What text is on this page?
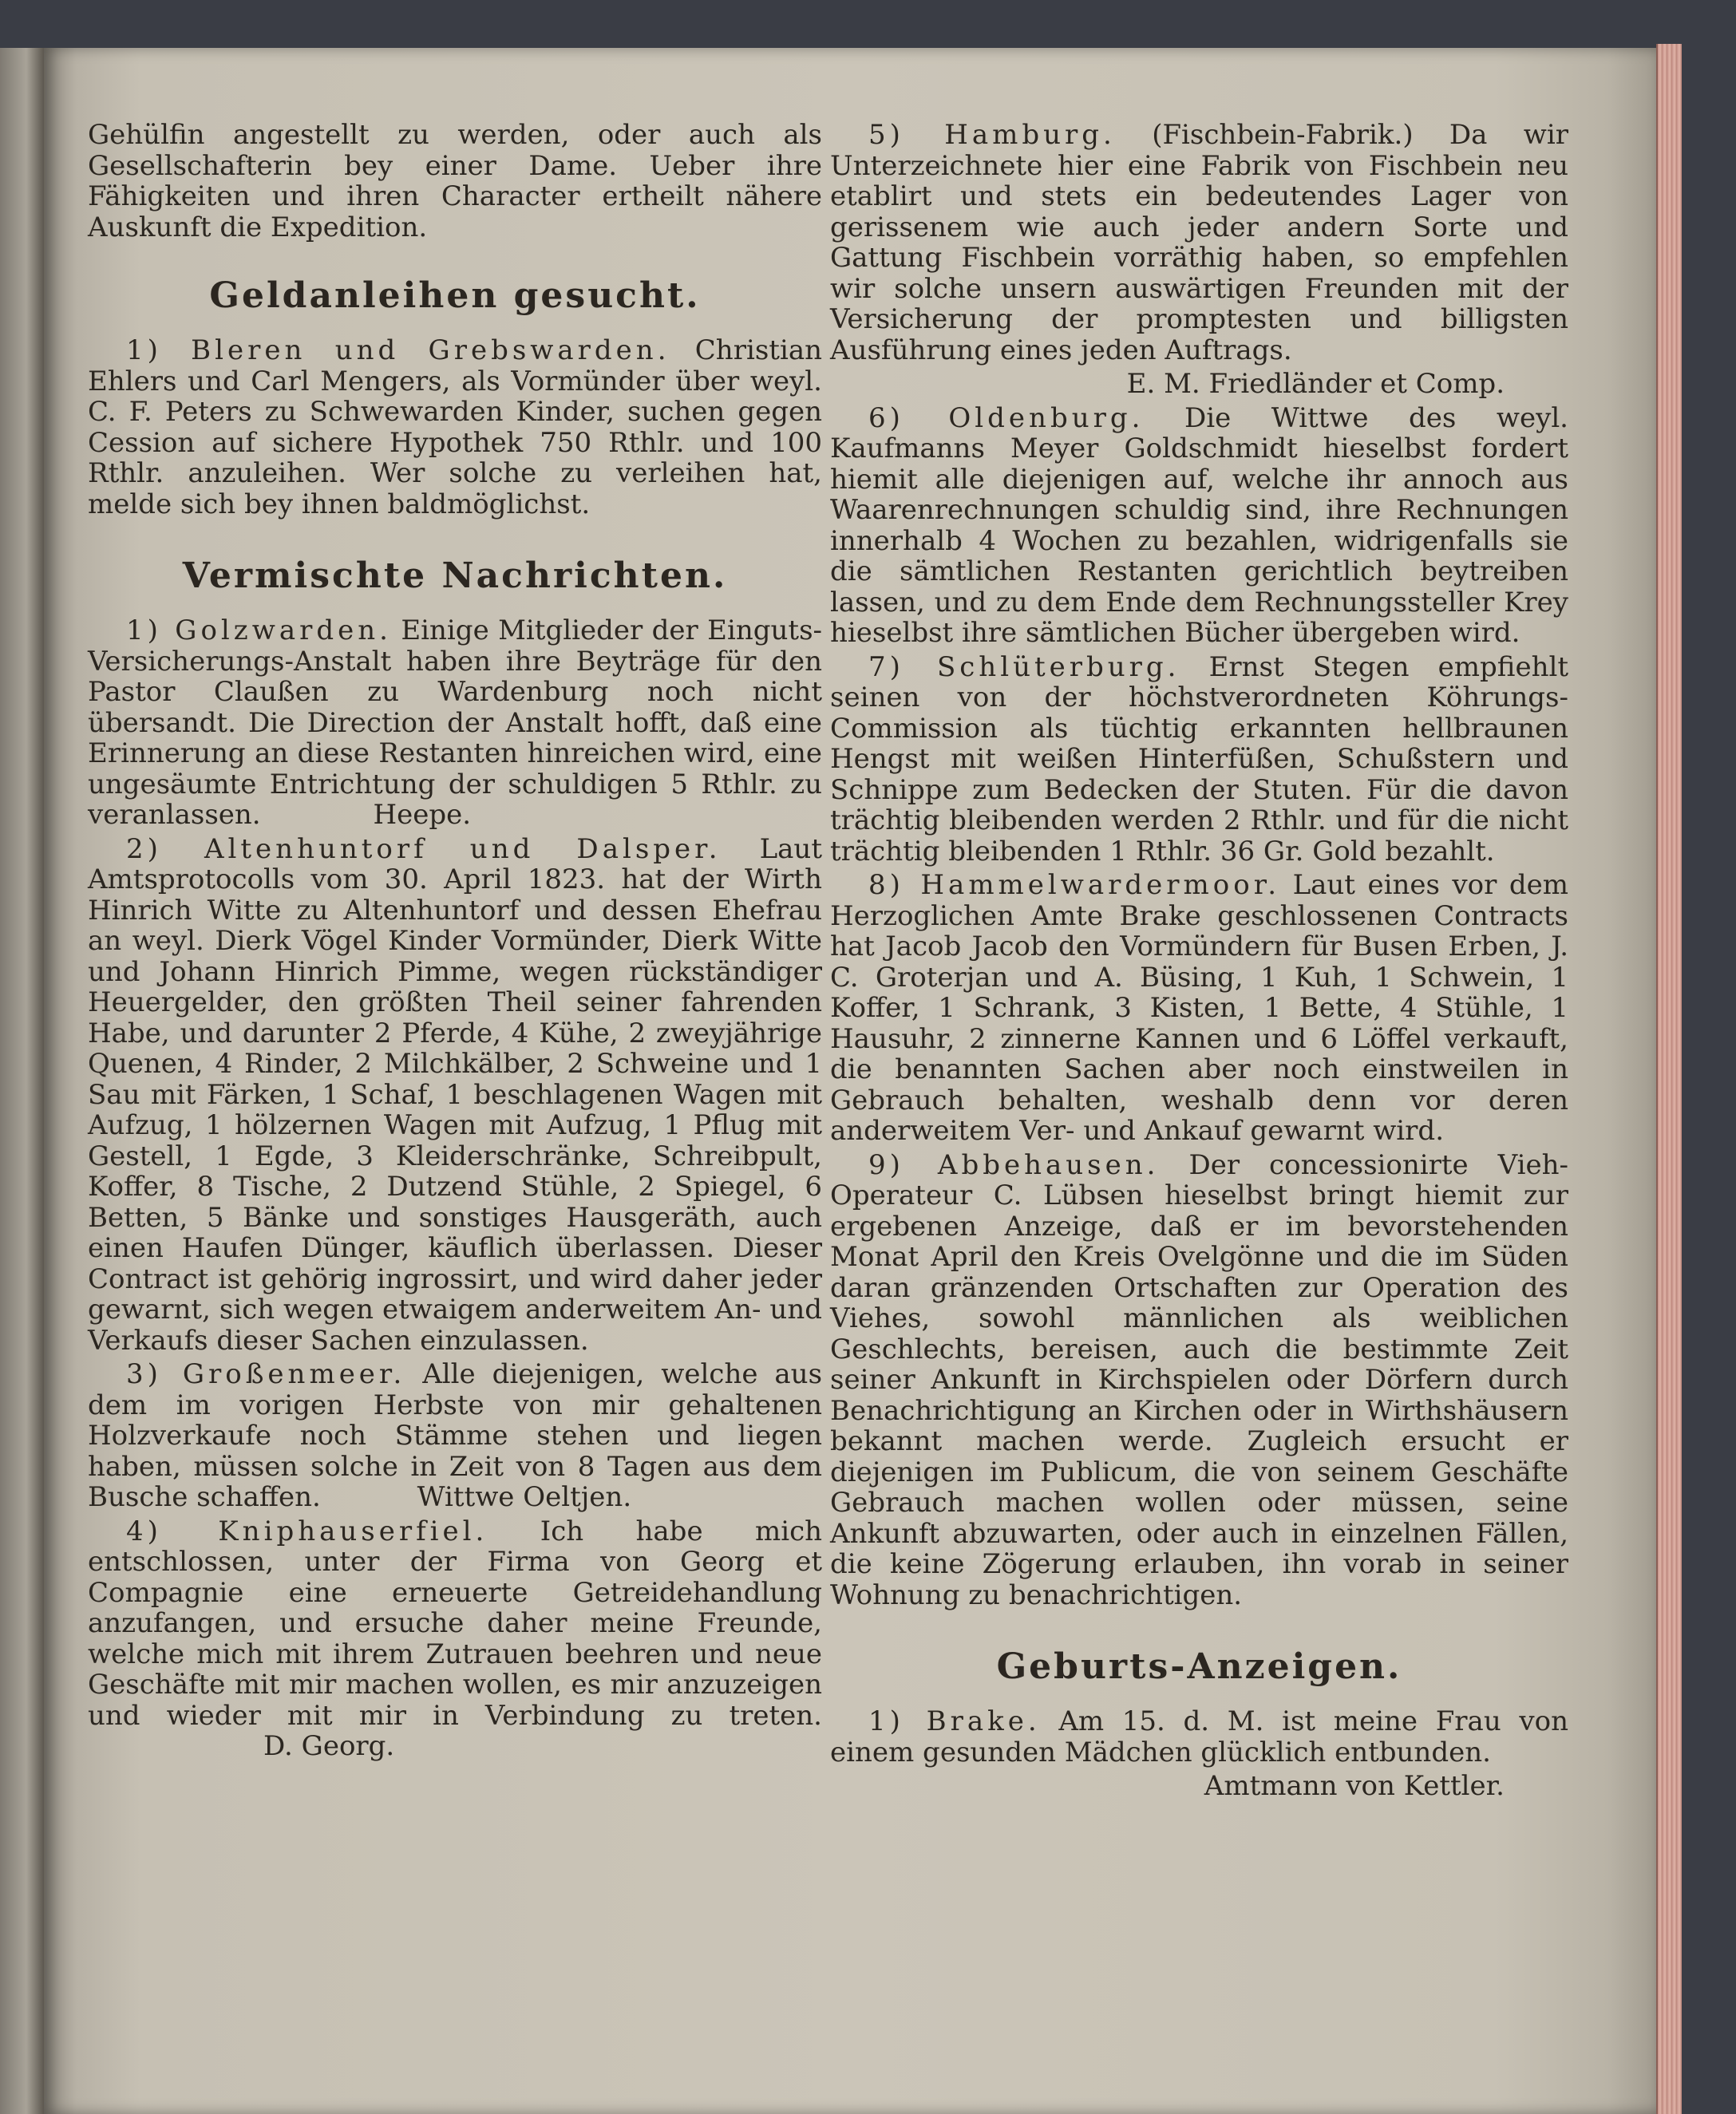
Gehülfin angestellt zu werden, oder auch als Gesellschafterin bey einer Dame. Ueber ihre Fähigkeiten und ihren Character ertheilt nähere Auskunft die Expedition.

Geldanleihen gesucht.

1) Bleren und Grebswarden. Christian Ehlers und Carl Mengers, als Vormünder über weyl. C. F. Peters zu Schwewarden Kinder, suchen gegen Cession auf sichere Hypothek 750 Rthlr. und 100 Rthlr. anzuleihen. Wer solche zu verleihen hat, melde sich bey ihnen baldmöglichst.

Vermischte Nachrichten.

1) Golzwarden. Einige Mitglieder der Einguts-Versicherungs-Anstalt haben ihre Beyträge für den Pastor Claußen zu Wardenburg noch nicht übersandt. Die Direction der Anstalt hofft, daß eine Erinnerung an diese Restanten hinreichen wird, eine ungesäumte Entrichtung der schuldigen 5 Rthlr. zu veranlassen.	Heepe.

2) Altenhuntorf und Dalsper. Laut Amtsprotocolls vom 30. April 1823. hat der Wirth Hinrich Witte zu Altenhuntorf und dessen Ehefrau an weyl. Dierk Vögel Kinder Vormünder, Dierk Witte und Johann Hinrich Pimme, wegen rückständiger Heuergelder, den größten Theil seiner fahrenden Habe, und darunter 2 Pferde, 4 Kühe, 2 zweyjährige Quenen, 4 Rinder, 2 Milchkälber, 2 Schweine und 1 Sau mit Färken, 1 Schaf, 1 beschlagenen Wagen mit Aufzug, 1 hölzernen Wagen mit Aufzug, 1 Pflug mit Gestell, 1 Egde, 3 Kleiderschränke, Schreibpult, Koffer, 8 Tische, 2 Dutzend Stühle, 2 Spiegel, 6 Betten, 5 Bänke und sonstiges Hausgeräth, auch einen Haufen Dünger, käuflich überlassen. Dieser Contract ist gehörig ingrossirt, und wird daher jeder gewarnt, sich wegen etwaigem anderweitem An- und Verkaufs dieser Sachen einzulassen.

3) Großenmeer. Alle diejenigen, welche aus dem im vorigen Herbste von mir gehaltenen Holzverkaufe noch Stämme stehen und liegen haben, müssen solche in Zeit von 8 Tagen aus dem Busche schaffen.	Wittwe Oeltjen.

4) Kniphauserfiel. Ich habe mich entschlossen, unter der Firma von Georg et Compagnie eine erneuerte Getreidehandlung anzufangen, und ersuche daher meine Freunde, welche mich mit ihrem Zutrauen beehren und neue Geschäfte mit mir machen wollen, es mir anzuzeigen und wieder mit mir in Verbindung zu treten. D. Georg.

5) Hamburg. (Fischbein-Fabrik.) Da wir Unterzeichnete hier eine Fabrik von Fischbein neu etablirt und stets ein bedeutendes Lager von gerissenem wie auch jeder andern Sorte und Gattung Fischbein vorräthig haben, so empfehlen wir solche unsern auswärtigen Freunden mit der Versicherung der promptesten und billigsten Ausführung eines jeden Auftrags.

E. M. Friedländer et Comp.

6) Oldenburg. Die Wittwe des weyl. Kaufmanns Meyer Goldschmidt hieselbst fordert hiemit alle diejenigen auf, welche ihr annoch aus Waarenrechnungen schuldig sind, ihre Rechnungen innerhalb 4 Wochen zu bezahlen, widrigenfalls sie die sämtlichen Restanten gerichtlich beytreiben lassen, und zu dem Ende dem Rechnungssteller Krey hieselbst ihre sämtlichen Bücher übergeben wird.

7) Schlüterburg. Ernst Stegen empfiehlt seinen von der höchstverordneten Köhrungs-Commission als tüchtig erkannten hellbraunen Hengst mit weißen Hinterfüßen, Schußstern und Schnippe zum Bedecken der Stuten. Für die davon trächtig bleibenden werden 2 Rthlr. und für die nicht trächtig bleibenden 1 Rthlr. 36 Gr. Gold bezahlt.

8) Hammelwardermoor. Laut eines vor dem Herzoglichen Amte Brake geschlossenen Contracts hat Jacob Jacob den Vormündern für Busen Erben, J. C. Groterjan und A. Büsing, 1 Kuh, 1 Schwein, 1 Koffer, 1 Schrank, 3 Kisten, 1 Bette, 4 Stühle, 1 Hausuhr, 2 zinnerne Kannen und 6 Löffel verkauft, die benannten Sachen aber noch einstweilen in Gebrauch behalten, weshalb denn vor deren anderweitem Ver- und Ankauf gewarnt wird.

9) Abbehausen. Der concessionirte Vieh-Operateur C. Lübsen hieselbst bringt hiemit zur ergebenen Anzeige, daß er im bevorstehenden Monat April den Kreis Ovelgönne und die im Süden daran gränzenden Ortschaften zur Operation des Viehes, sowohl männlichen als weiblichen Geschlechts, bereisen, auch die bestimmte Zeit seiner Ankunft in Kirchspielen oder Dörfern durch Benachrichtigung an Kirchen oder in Wirthshäusern bekannt machen werde. Zugleich ersucht er diejenigen im Publicum, die von seinem Geschäfte Gebrauch machen wollen oder müssen, seine Ankunft abzuwarten, oder auch in einzelnen Fällen, die keine Zögerung erlauben, ihn vorab in seiner Wohnung zu benachrichtigen.

Geburts-Anzeigen.

1) Brake. Am 15. d. M. ist meine Frau von einem gesunden Mädchen glücklich entbunden.

Amtmann von Kettler.
